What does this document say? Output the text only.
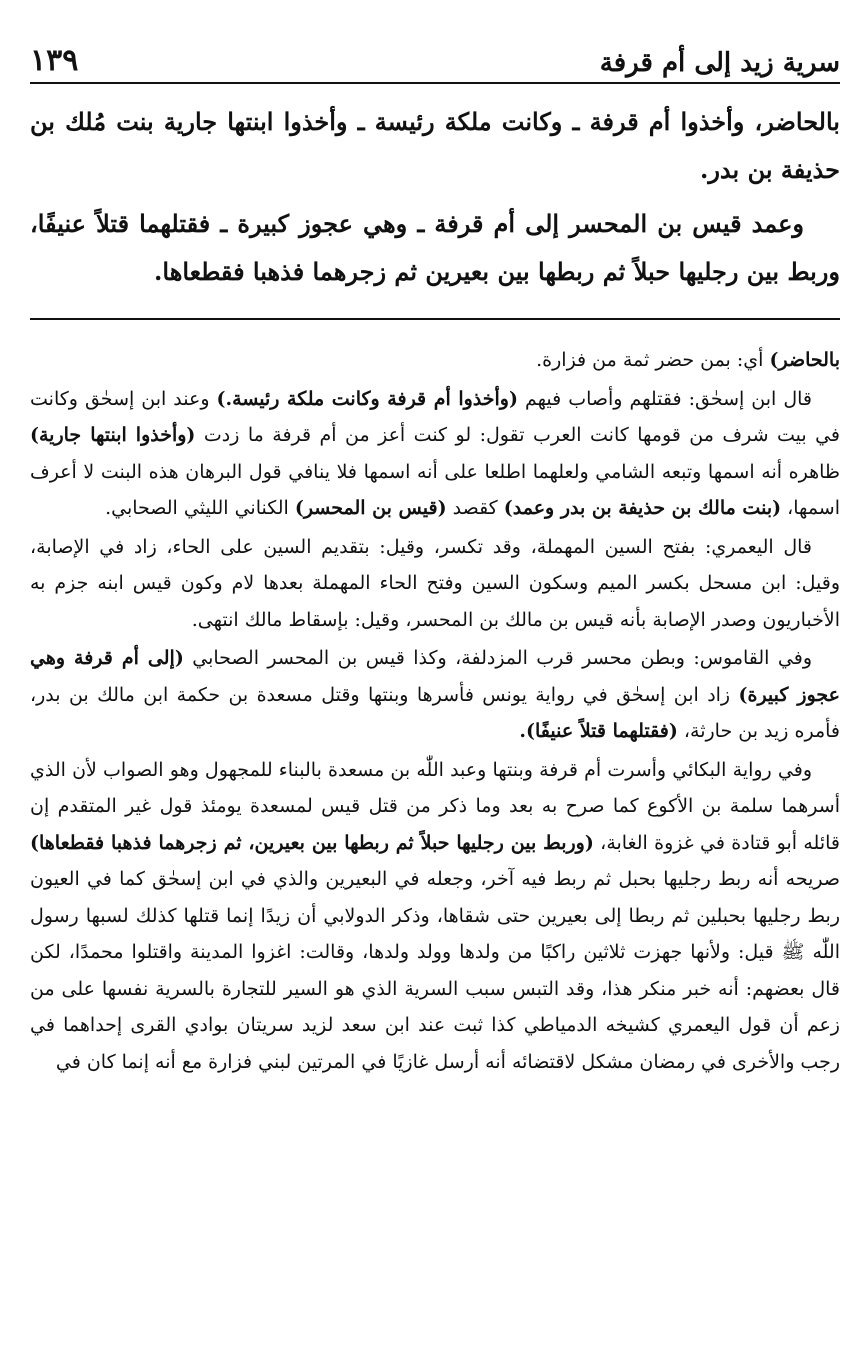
سرية زيد إلى أم قرفة
١٣٩

بالحاضر، وأخذوا أم قرفة ـ وكانت ملكة رئيسة ـ وأخذوا ابنتها جارية بنت مُلك بن حذيفة بن بدر.

وعمد قيس بن المحسر إلى أم قرفة ـ وهي عجوز كبيرة ـ فقتلهما قتلاً عنيفًا، وربط بين رجليها حبلاً ثم ربطها بين بعيرين ثم زجرهما فذهبا فقطعاها.

بالحاضر) أي: بمن حضر ثمة من فزارة.

قال ابن إسحٰق: فقتلهم وأصاب فيهم (وأخذوا أم قرفة وكانت ملكة رئيسة.) وعند ابن إسحٰق وكانت في بيت شرف من قومها كانت العرب تقول: لو كنت أعز من أم قرفة ما زدت (وأخذوا ابنتها جارية) ظاهره أنه اسمها وتبعه الشامي ولعلهما اطلعا على أنه اسمها فلا ينافي قول البرهان هذه البنت لا أعرف اسمها، (بنت مالك بن حذيفة بن بدر وعمد) كقصد (قيس بن المحسر) الكناني الليثي الصحابي.

قال اليعمري: بفتح السين المهملة، وقد تكسر، وقيل: بتقديم السين على الحاء، زاد في الإصابة، وقيل: ابن مسحل بكسر الميم وسكون السين وفتح الحاء المهملة بعدها لام وكون قيس ابنه جزم به الأخباريون وصدر الإصابة بأنه قيس بن مالك بن المحسر، وقيل: بإسقاط مالك انتهى.

وفي القاموس: وبطن محسر قرب المزدلفة، وكذا قيس بن المحسر الصحابي (إلى أم قرفة وهي عجوز كبيرة) زاد ابن إسحٰق في رواية يونس فأسرها وبنتها وقتل مسعدة بن حكمة ابن مالك بن بدر، فأمره زيد بن حارثة، (فقتلهما قتلاً عنيفًا).

وفي رواية البكائي وأسرت أم قرفة وبنتها وعبد اللّٰه بن مسعدة بالبناء للمجهول وهو الصواب لأن الذي أسرهما سلمة بن الأكوع كما صرح به بعد وما ذكر من قتل قيس لمسعدة يومئذ قول غير المتقدم إن قائله أبو قتادة في غزوة الغابة، (وربط بين رجليها حبلاً ثم ربطها بين بعيرين، ثم زجرهما فذهبا فقطعاها) صريحه أنه ربط رجليها بحبل ثم ربط فيه آخر، وجعله في البعيرين والذي في ابن إسحٰق كما في العيون ربط رجليها بحبلين ثم ربطا إلى بعيرين حتى شقاها، وذكر الدولابي أن زيدًا إنما قتلها كذلك لسبها رسول اللّٰه ﷺ قيل: ولأنها جهزت ثلاثين راكبًا من ولدها وولد ولدها، وقالت: اغزوا المدينة واقتلوا محمدًا، لكن قال بعضهم: أنه خبر منكر هذا، وقد التبس سبب السرية الذي هو السير للتجارة بالسرية نفسها على من زعم أن قول اليعمري كشيخه الدمياطي كذا ثبت عند ابن سعد لزيد سريتان بوادي القرى إحداهما في رجب والأخرى في رمضان مشكل لاقتضائه أنه أرسل غازيًا في المرتين لبني فزارة مع أنه إنما كان في
